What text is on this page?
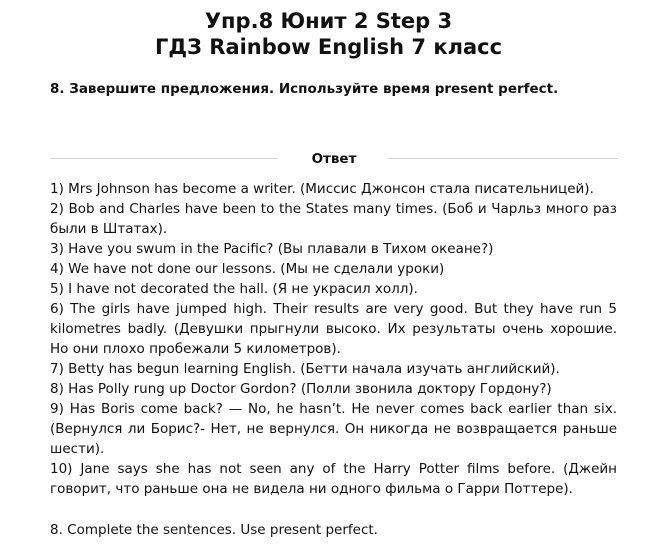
Упр.8 Юнит 2 Step 3
ГДЗ Rainbow English 7 класс
8. Завершите предложения. Используйте время present perfect.
Ответ

1) Mrs Johnson has become a writer. (Миссис Джонсон стала писательницей).

2) Bob and Charles have been to the States many times. (Боб и Чарльз много раз были в Штатах).

3) Have you swum in the Pacific? (Вы плавали в Тихом океане?)

4) We have not done our lessons. (Мы не сделали уроки)

5) I have not decorated the hall. (Я не украсил холл).

6) The girls have jumped high. Their results are very good. But they have run 5 kilometres badly. (Девушки прыгнули высоко. Их результаты очень хорошие. Но они плохо пробежали 5 километров).

7) Betty has begun learning English. (Бетти начала изучать английский).

8) Has Polly rung up Doctor Gordon? (Полли звонила доктору Гордону?)

9) Has Boris come back? — No, he hasn’t. He never comes back earlier than six. (Вернулся ли Борис?- Нет, не вернулся. Он никогда не возвращается раньше шести).

10) Jane says she has not seen any of the Harry Potter films before. (Джейн говорит, что раньше она не видела ни одного фильма о Гарри Поттере).

8. Complete the sentences. Use present perfect.
